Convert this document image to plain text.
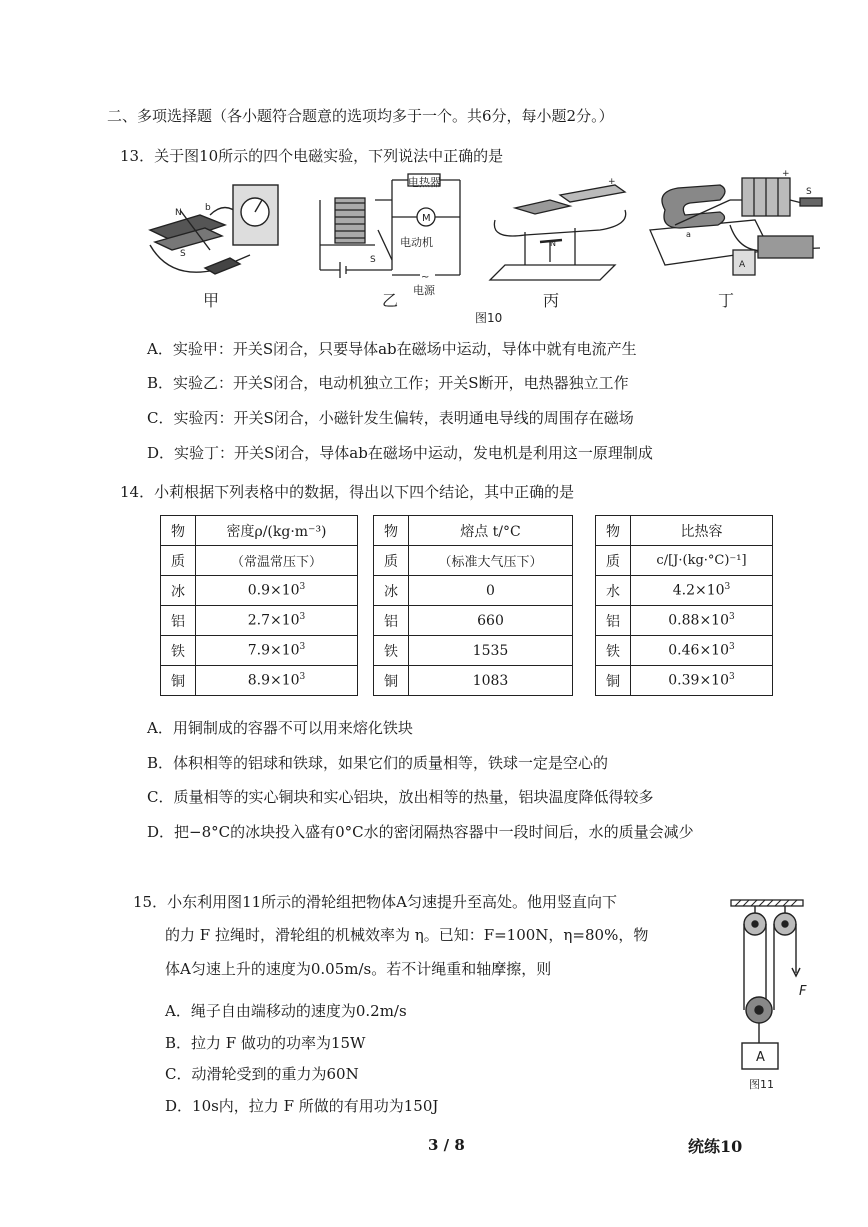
二、多项选择题（各小题符合题意的选项均多于一个。共6分，每小题2分。）
13．关于图10所示的四个电磁实验，下列说法中正确的是
N	b
S
电热器
M
电动机
~
电源
S
+
N
+
S
a
A
甲	乙	丙	丁
图10
A．实验甲：开关S闭合，只要导体ab在磁场中运动，导体中就有电流产生
B．实验乙：开关S闭合，电动机独立工作；开关S断开，电热器独立工作
C．实验丙：开关S闭合，小磁针发生偏转，表明通电导线的周围存在磁场
D．实验丁：开关S闭合，导体ab在磁场中运动，发电机是利用这一原理制成
14．小莉根据下列表格中的数据，得出以下四个结论，其中正确的是
物	密度ρ/(kg·m⁻³)
质	（常温常压下）
冰	$0.9\times 10^3$
铝	$2.7\times 10^3$
铁	$7.9\times 10^3$
铜	$8.9\times 10^3$
物	熔点 t/°C
质	（标准大气压下）
冰	0
铝	660
铁	1535
铜	1083
物	比热容
质	c/[J·(kg·°C)⁻¹]
水	$4.2\times 10^3$
铝	$0.88\times 10^3$
铁	$0.46\times 10^3$
铜	$0.39\times 10^3$
A．用铜制成的容器不可以用来熔化铁块
B．体积相等的铝球和铁球，如果它们的质量相等，铁球一定是空心的
C．质量相等的实心铜块和实心铝块，放出相等的热量，铝块温度降低得较多
D．把−8°C的冰块投入盛有0°C水的密闭隔热容器中一段时间后，水的质量会减少
15．小东利用图11所示的滑轮组把物体A匀速提升至高处。他用竖直向下
的力 F 拉绳时，滑轮组的机械效率为 η。已知：F=100N，η=80%，物
体A匀速上升的速度为0.05m/s。若不计绳重和轴摩擦，则
A．绳子自由端移动的速度为0.2m/s
B．拉力 F 做功的功率为15W
C．动滑轮受到的重力为60N
D．10s内，拉力 F 所做的有用功为150J
A
F
图11
3 / 8	统练10
